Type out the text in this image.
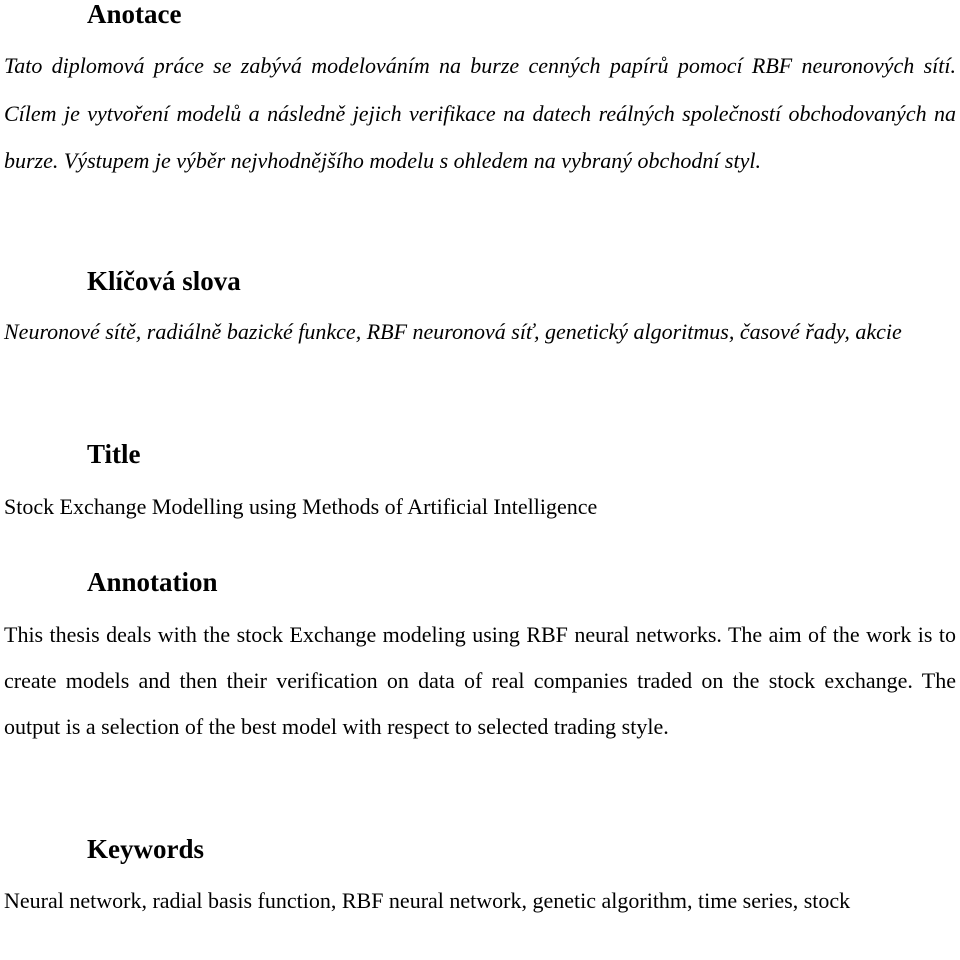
Anotace

Tato diplomová práce se zabývá modelováním na burze cenných papírů pomocí RBF neuronových sítí. Cílem je vytvoření modelů a následně jejich verifikace na datech reálných společností obchodovaných na burze. Výstupem je výběr nejvhodnějšího modelu s ohledem na vybraný obchodní styl.

Klíčová slova

Neuronové sítě, radiálně bazické funkce, RBF neuronová síť, genetický algoritmus, časové řady, akcie

Title

Stock Exchange Modelling using Methods of Artificial Intelligence

Annotation

This thesis deals with the stock Exchange modeling using RBF neural networks. The aim of the work is to create models and then their verification on data of real companies traded on the stock exchange. The output is a selection of the best model with respect to selected trading style.

Keywords

Neural network, radial basis function, RBF neural network, genetic algorithm, time series, stock
